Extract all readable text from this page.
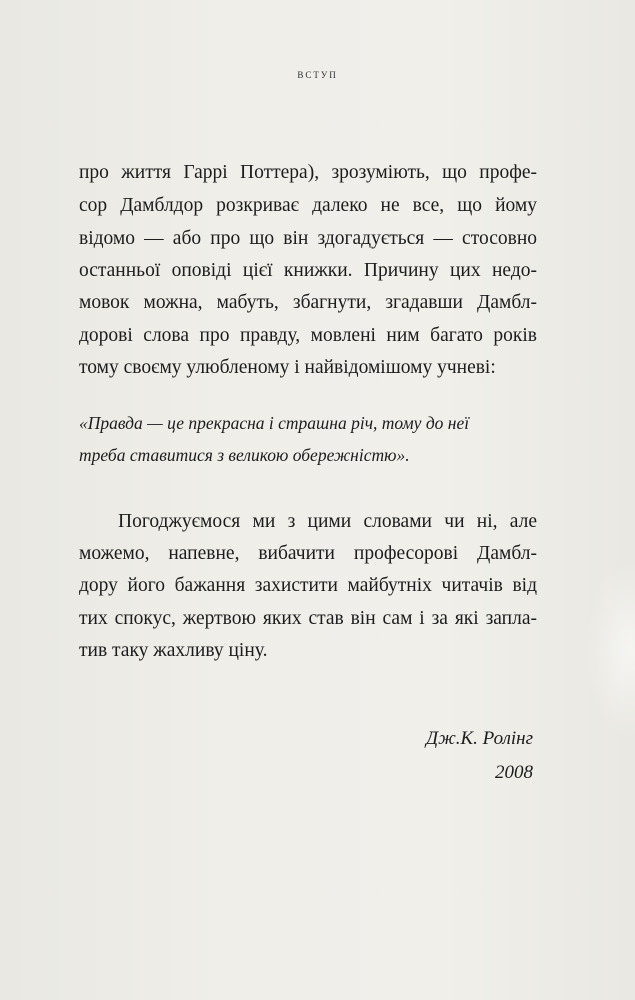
вступ
про життя Гаррі Поттера), зрозуміють, що профе-
сор Дамблдор розкриває далеко не все, що йому
відомо — або про що він здогадується — стосовно
останньої оповіді цієї книжки. Причину цих недо-
мовок можна, мабуть, збагнути, згадавши Дамбл-
дорові слова про правду, мовлені ним багато років
тому своєму улюбленому і найвідомішому учневі:
«Правда — це прекрасна і страшна річ, тому до неї
треба ставитися з великою обережністю».
Погоджуємося ми з цими словами чи ні, але
можемо, напевне, вибачити професорові Дамбл-
дору його бажання захистити майбутніх читачів від
тих спокус, жертвою яких став він сам і за які запла-
тив таку жахливу ціну.
Дж.К. Ролінг
2008
